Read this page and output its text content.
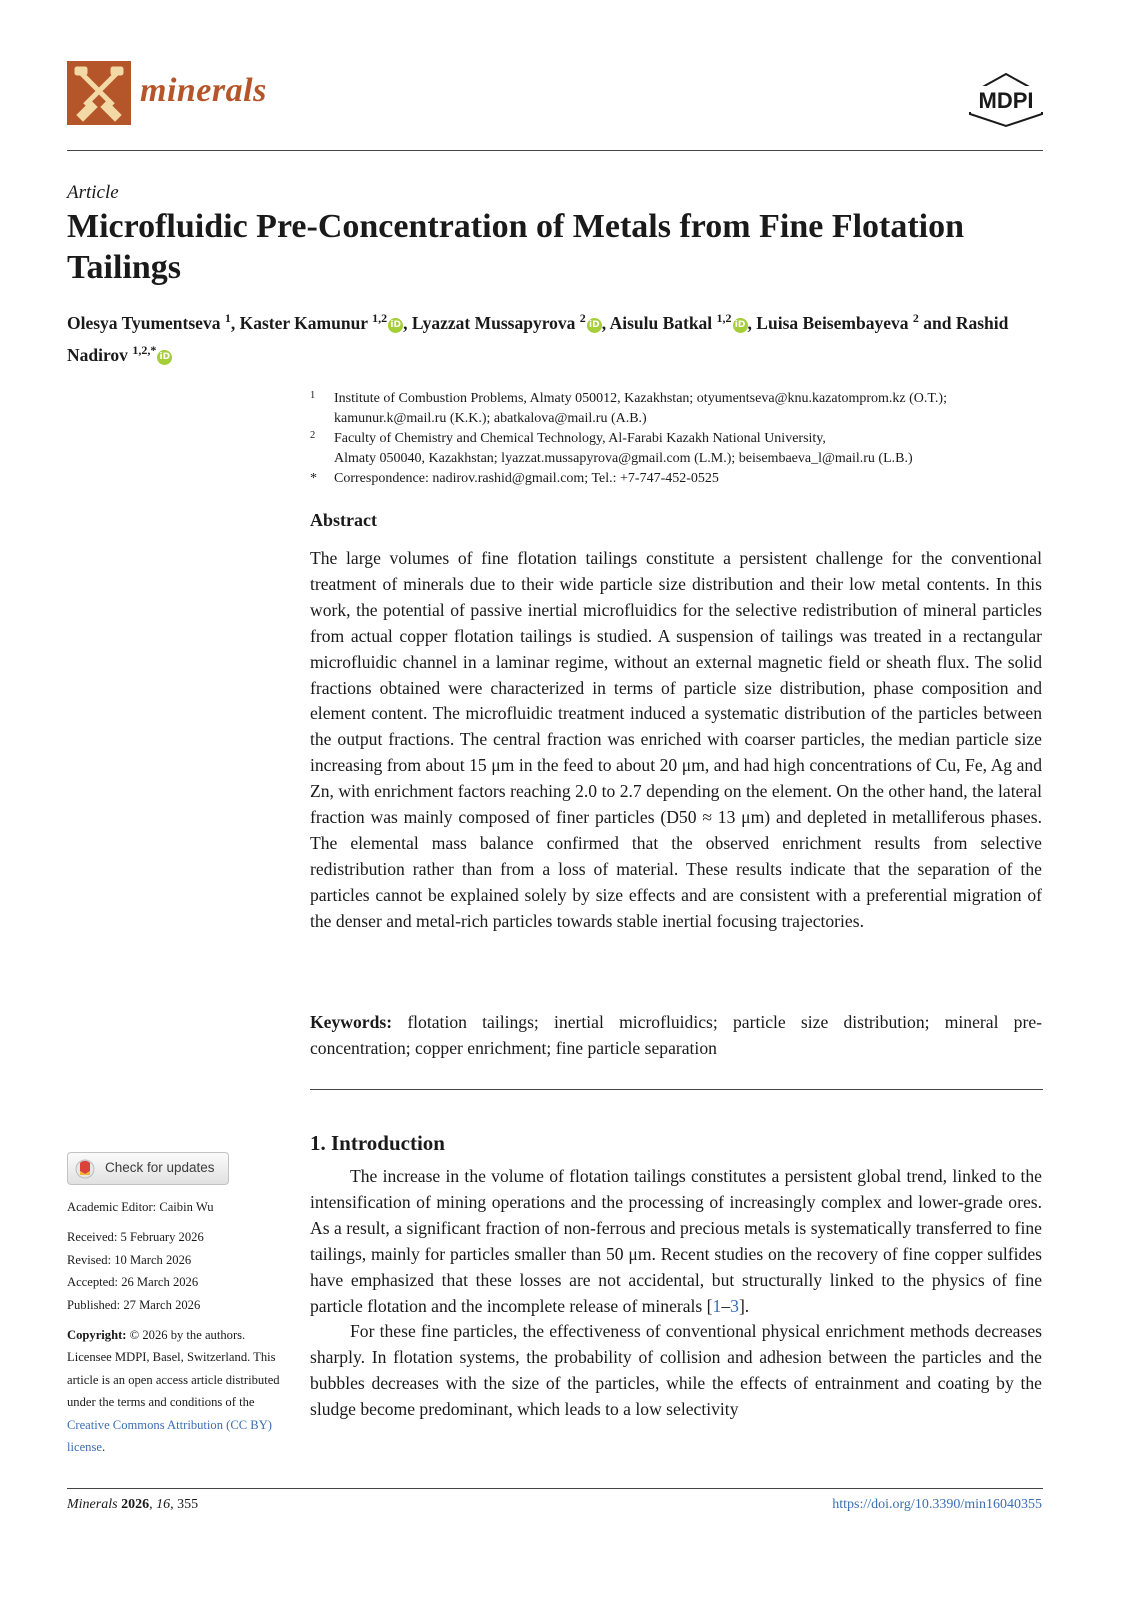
minerals	MDPI
Article
Microfluidic Pre-Concentration of Metals from Fine Flotation Tailings
Olesya Tyumentseva $^1$, Kaster Kamunur $^{1,2}$ iD , Lyazzat Mussapyrova $^2$ iD , Aisulu Batkal $^{1,2}$ iD , Luisa Beisembayeva $^2$ and Rashid Nadirov $^{1,2,*}$ iD
1 Institute of Combustion Problems, Almaty 050012, Kazakhstan; otyumentseva@knu.kazatomprom.kz (O.T.);
kamunur.k@mail.ru (K.K.); abatkalova@mail.ru (A.B.)
2 Faculty of Chemistry and Chemical Technology, Al-Farabi Kazakh National University,
Almaty 050040, Kazakhstan; lyazzat.mussapyrova@gmail.com (L.M.); beisembaeva_l@mail.ru (L.B.)
* Correspondence: nadirov.rashid@gmail.com; Tel.: +7-747-452-0525
Abstract
The large volumes of fine flotation tailings constitute a persistent challenge for the conventional treatment of minerals due to their wide particle size distribution and their low metal contents. In this work, the potential of passive inertial microfluidics for the selective redistribution of mineral particles from actual copper flotation tailings is studied. A suspension of tailings was treated in a rectangular microfluidic channel in a laminar regime, without an external magnetic field or sheath flux. The solid fractions obtained were characterized in terms of particle size distribution, phase composition and element content. The microfluidic treatment induced a systematic distribution of the particles between the output fractions. The central fraction was enriched with coarser particles, the median particle size increasing from about 15 μm in the feed to about 20 μm, and had high concentrations of Cu, Fe, Ag and Zn, with enrichment factors reaching 2.0 to 2.7 depending on the element. On the other hand, the lateral fraction was mainly composed of finer particles (D50 ≈ 13 μm) and depleted in metalliferous phases. The elemental mass balance confirmed that the observed enrichment results from selective redistribution rather than from a loss of material. These results indicate that the separation of the particles cannot be explained solely by size effects and are consistent with a preferential migration of the denser and metal-rich particles towards stable inertial focusing trajectories.
Keywords: flotation tailings; inertial microfluidics; particle size distribution; mineral pre-concentration; copper enrichment; fine particle separation
Check for updates
Academic Editor: Caibin Wu
Received: 5 February 2026
Revised: 10 March 2026
Accepted: 26 March 2026
Published: 27 March 2026
Copyright: © 2026 by the authors. Licensee MDPI, Basel, Switzerland. This article is an open access article distributed under the terms and conditions of the Creative Commons Attribution (CC BY) license.
1. Introduction

The increase in the volume of flotation tailings constitutes a persistent global trend, linked to the intensification of mining operations and the processing of increasingly complex and lower-grade ores. As a result, a significant fraction of non-ferrous and precious metals is systematically transferred to fine tailings, mainly for particles smaller than 50 μm. Recent studies on the recovery of fine copper sulfides have emphasized that these losses are not accidental, but structurally linked to the physics of fine particle flotation and the incomplete release of minerals [1–3].

For these fine particles, the effectiveness of conventional physical enrichment methods decreases sharply. In flotation systems, the probability of collision and adhesion between the particles and the bubbles decreases with the size of the particles, while the effects of entrainment and coating by the sludge become predominant, which leads to a low selectivity

Minerals 2026, 16, 355	https://doi.org/10.3390/min16040355
